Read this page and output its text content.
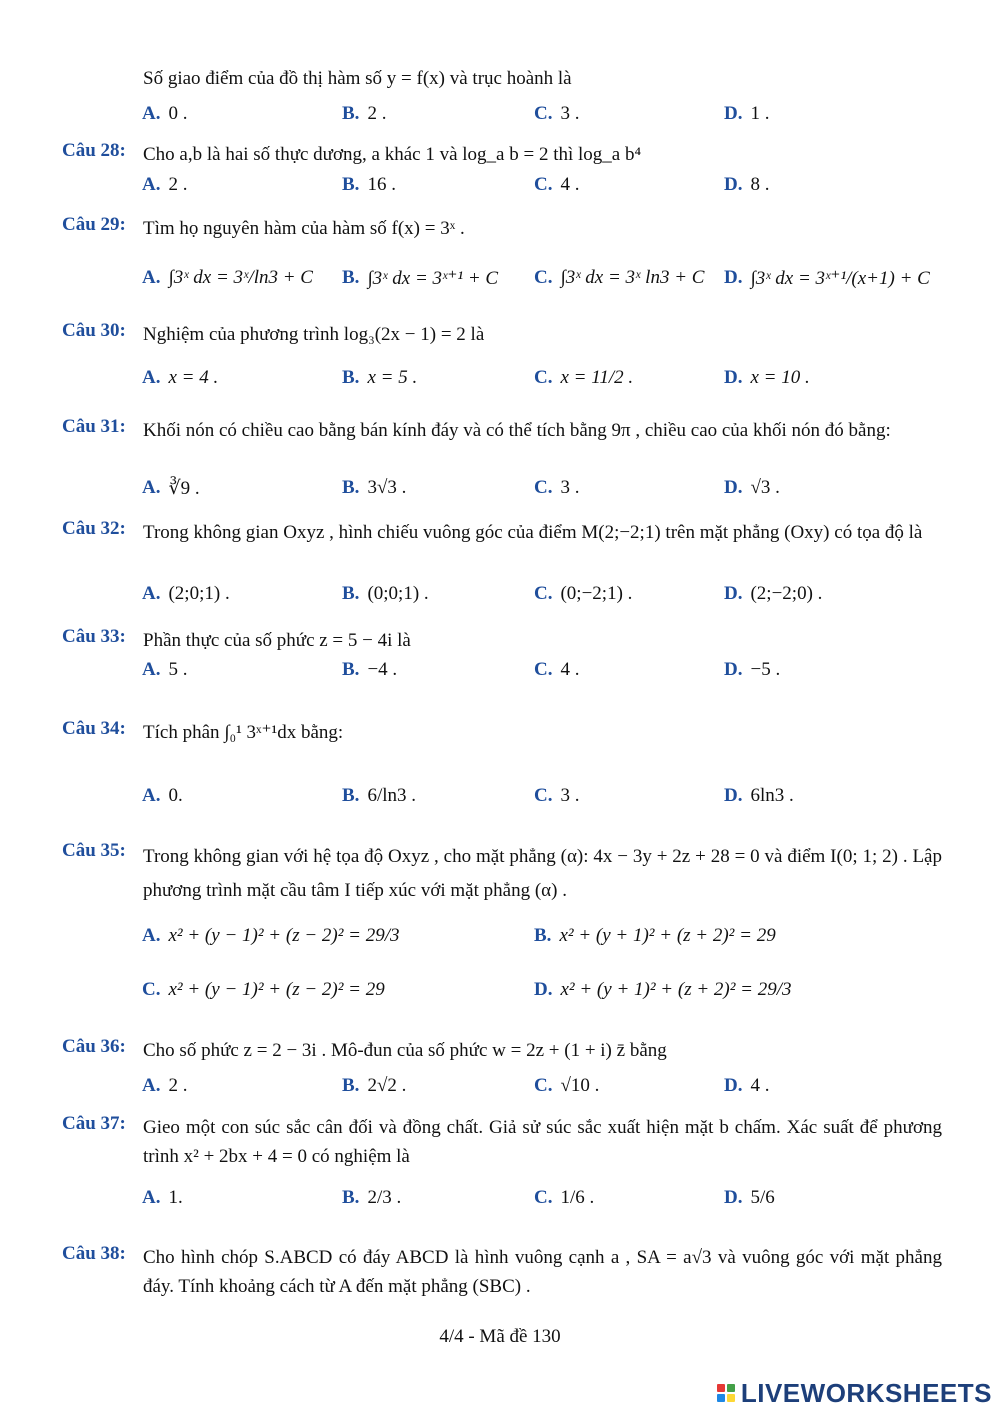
Số giao điểm của đồ thị hàm số y = f(x) và trục hoành là
A. 0 .	B. 2 .	C. 3 .	D. 1 .
Câu 28: Cho a,b là hai số thực dương, a khác 1 và log_a b = 2 thì log_a b⁴
A. 2 .	B. 16 .	C. 4 .	D. 8 .
Câu 29: Tìm họ nguyên hàm của hàm số f(x) = 3ˣ .
A. ∫3ˣ dx = 3ˣ/ln3 + C B. ∫3ˣ dx = 3ˣ⁺¹ + C C. ∫3ˣ dx = 3ˣ ln3 + C D. ∫3ˣ dx = 3ˣ⁺¹/(x+1) + C
Câu 30: Nghiệm của phương trình log₃(2x − 1) = 2 là
A. x = 4 .	B. x = 5 .	C. x = 11/2 .	D. x = 10 .
Câu 31: Khối nón có chiều cao bằng bán kính đáy và có thể tích bằng 9π , chiều cao của khối nón đó bằng:
A. ∛9 .	B. 3√3 .	C. 3 .	D. √3 .
Câu 32: Trong không gian Oxyz , hình chiếu vuông góc của điểm M(2;−2;1) trên mặt phẳng (Oxy) có tọa độ là
A. (2;0;1) .	B. (0;0;1) .	C. (0;−2;1) .	D. (2;−2;0) .
Câu 33: Phần thực của số phức z = 5 − 4i là
A. 5 .	B. −4 .	C. 4 .	D. −5 .
Câu 34: Tích phân ∫₀¹ 3ˣ⁺¹dx bằng:
A. 0.	B. 6/ln3 .	C. 3 .	D. 6ln3 .
Câu 35: Trong không gian với hệ tọa độ Oxyz , cho mặt phẳng (α): 4x − 3y + 2z + 28 = 0 và điểm I(0; 1; 2) . Lập phương trình mặt cầu tâm I tiếp xúc với mặt phẳng (α) .
A. x² + (y − 1)² + (z − 2)² = 29/3	B. x² + (y + 1)² + (z + 2)² = 29
C. x² + (y − 1)² + (z − 2)² = 29	D. x² + (y + 1)² + (z + 2)² = 29/3
Câu 36: Cho số phức z = 2 − 3i . Mô-đun của số phức w = 2z + (1 + i) z̄ bằng
A. 2 .	B. 2√2 .	C. √10 .	D. 4 .
Câu 37: Gieo một con súc sắc cân đối và đồng chất. Giả sử súc sắc xuất hiện mặt b chấm. Xác suất để phương trình x² + 2bx + 4 = 0 có nghiệm là
A. 1.	B. 2/3 .	C. 1/6 .	D. 5/6
Câu 38: Cho hình chóp S.ABCD có đáy ABCD là hình vuông cạnh a , SA = a√3 và vuông góc với mặt phẳng đáy. Tính khoảng cách từ A đến mặt phẳng (SBC) .
4/4 - Mã đề 130
LIVEWORKSHEETS
